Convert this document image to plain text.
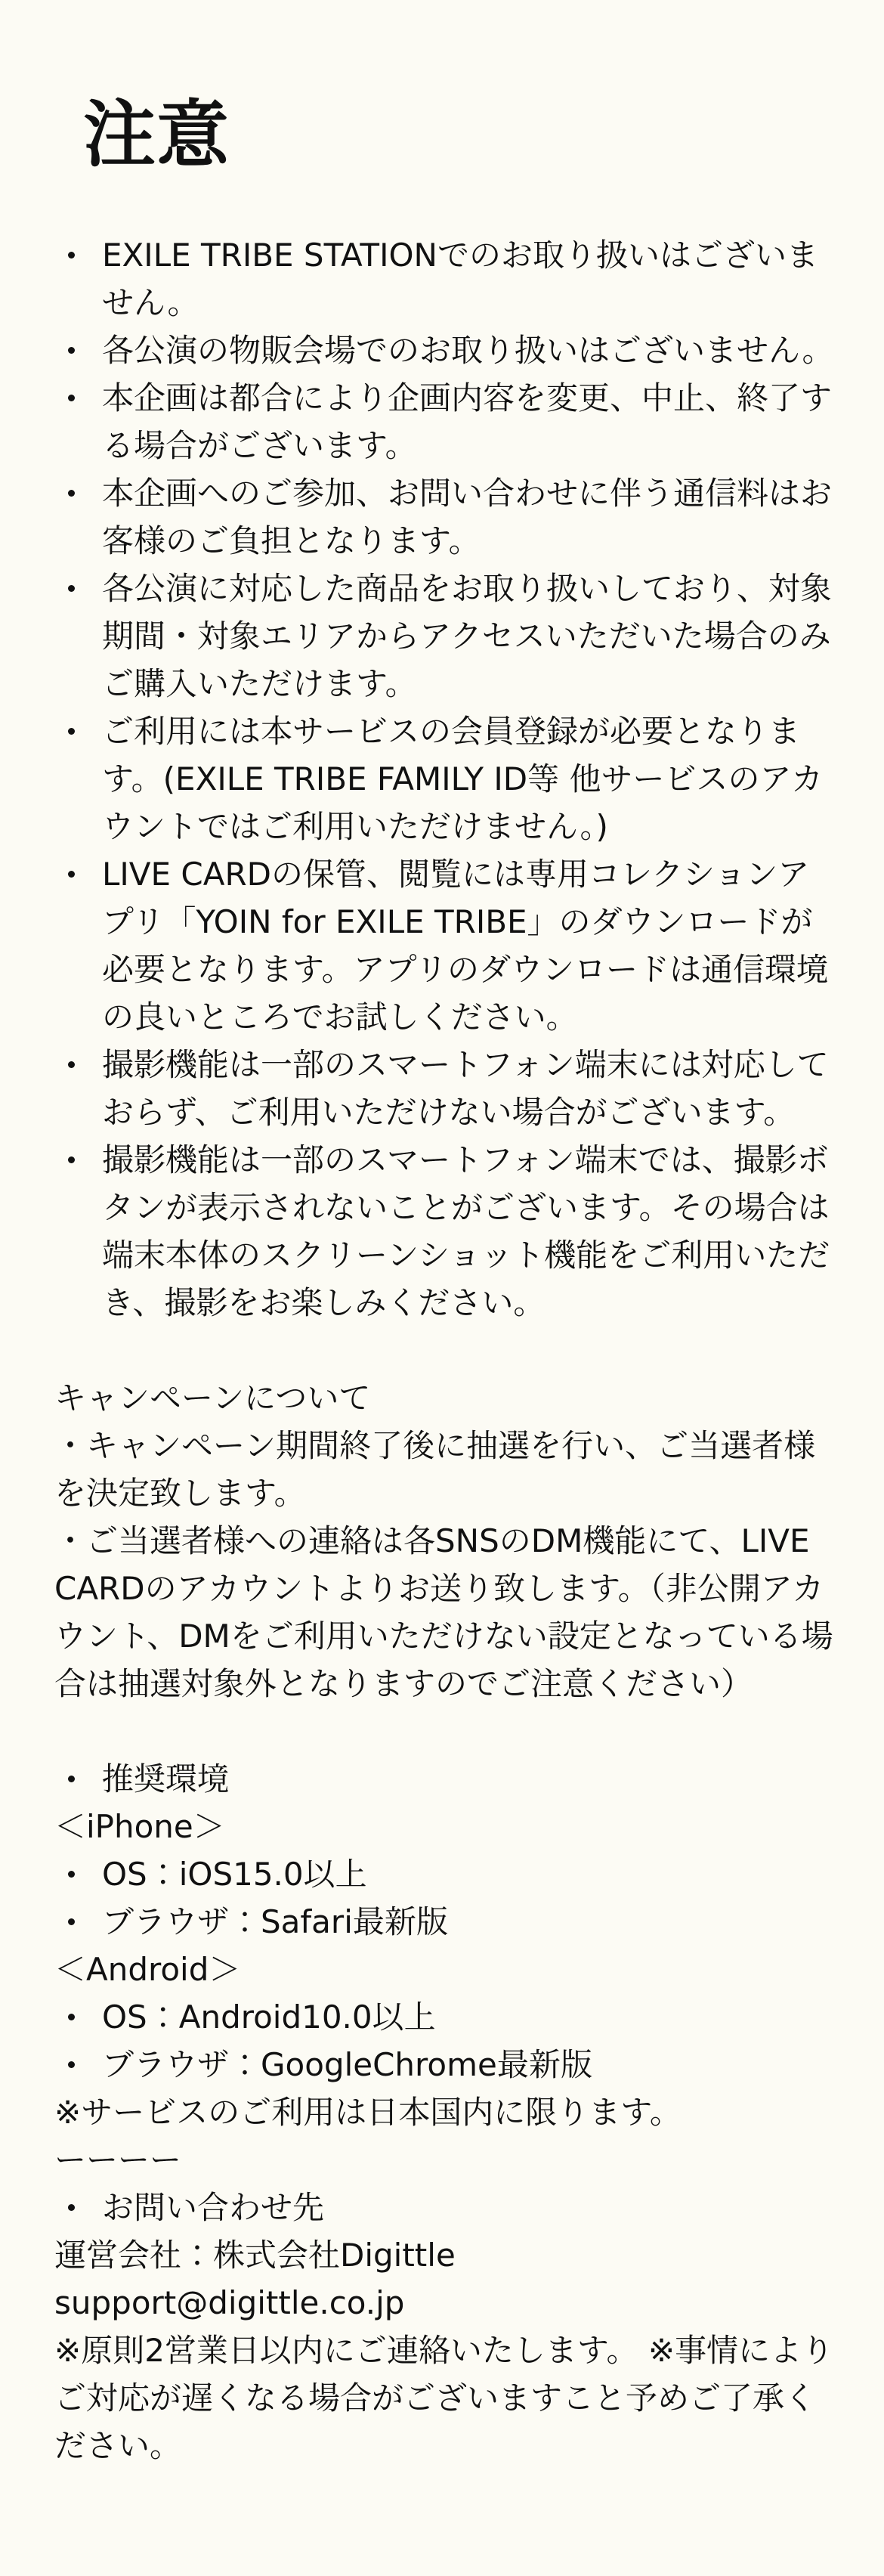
注意
EXILE TRIBE STATIONでのお取り扱いはございません。
各公演の物販会場でのお取り扱いはございません。
本企画は都合により企画内容を変更、中止、終了する場合がございます。
本企画へのご参加、お問い合わせに伴う通信料はお客様のご負担となります。
各公演に対応した商品をお取り扱いしており、対象期間・対象エリアからアクセスいただいた場合のみご購入いただけます。
ご利用には本サービスの会員登録が必要となります。(EXILE TRIBE FAMILY ID等 他サービスのアカウントではご利用いただけません。)
LIVE CARDの保管、閲覧には専用コレクションアプリ「YOIN for EXILE TRIBE」のダウンロードが必要となります。アプリのダウンロードは通信環境の良いところでお試しください。
撮影機能は一部のスマートフォン端末には対応しておらず、ご利用いただけない場合がございます。
撮影機能は一部のスマートフォン端末では、撮影ボタンが表示されないことがございます。その場合は端末本体のスクリーンショット機能をご利用いただき、撮影をお楽しみください。

キャンペーンについて

・キャンペーン期間終了後に抽選を行い、ご当選者様を決定致します。

・ご当選者様への連絡は各SNSのDM機能にて、LIVE CARDのアカウントよりお送り致します。（非公開アカウント、DMをご利用いただけない設定となっている場合は抽選対象外となりますのでご注意ください）

推奨環境

＜iPhone＞

OS：iOS15.0以上
ブラウザ：Safari最新版

＜Android＞

OS：Android10.0以上
ブラウザ：GoogleChrome最新版

※サービスのご利用は日本国内に限ります。

ーーーー

お問い合わせ先

運営会社：株式会社Digittle

support@digittle.co.jp

※原則2営業日以内にご連絡いたします。 ※事情によりご対応が遅くなる場合がございますこと予めご了承ください。
